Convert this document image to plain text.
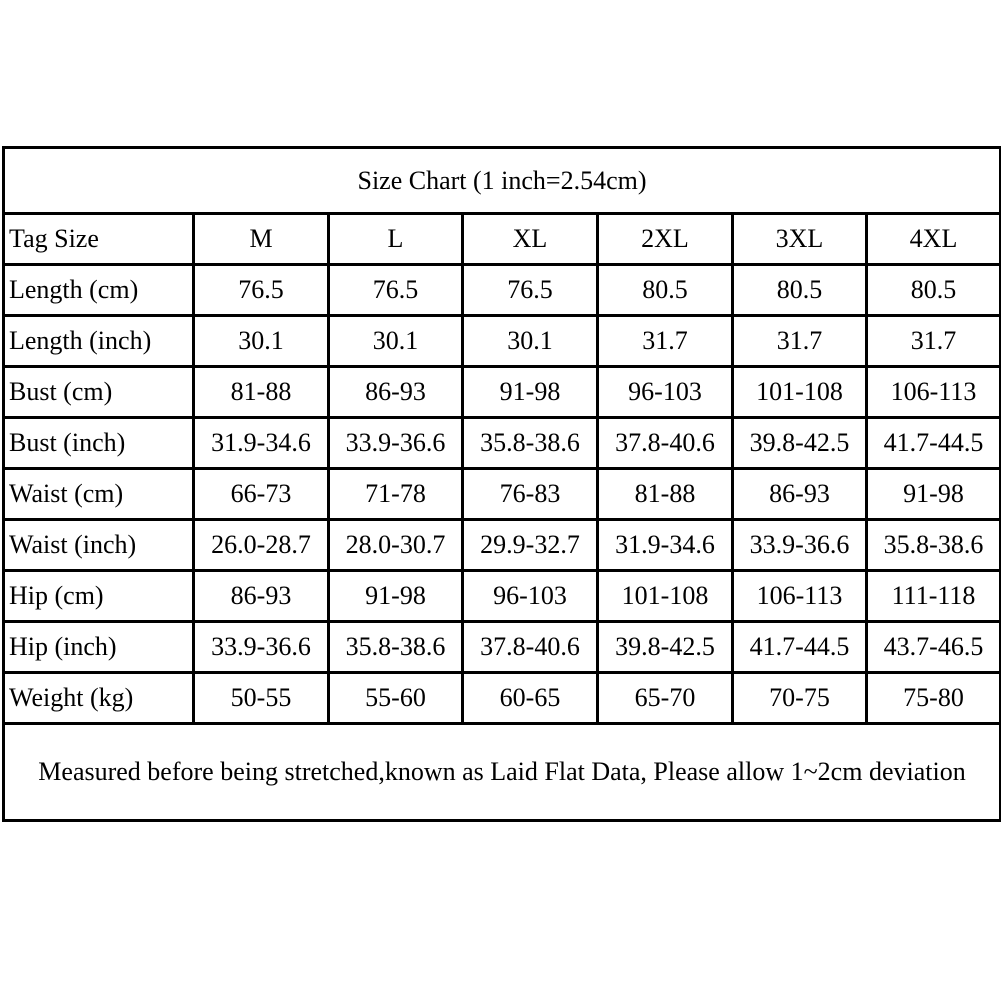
Size Chart (1 inch=2.54cm)						
Tag Size	M	L	XL	2XL	3XL	4XL
Length (cm)	76.5	76.5	76.5	80.5	80.5	80.5
Length (inch)	30.1	30.1	30.1	31.7	31.7	31.7
Bust (cm)	81-88	86-93	91-98	96-103	101-108	106-113
Bust (inch)	31.9-34.6	33.9-36.6	35.8-38.6	37.8-40.6	39.8-42.5	41.7-44.5
Waist (cm)	66-73	71-78	76-83	81-88	86-93	91-98
Waist (inch)	26.0-28.7	28.0-30.7	29.9-32.7	31.9-34.6	33.9-36.6	35.8-38.6
Hip (cm)	86-93	91-98	96-103	101-108	106-113	111-118
Hip (inch)	33.9-36.6	35.8-38.6	37.8-40.6	39.8-42.5	41.7-44.5	43.7-46.5
Weight (kg)	50-55	55-60	60-65	65-70	70-75	75-80
Measured before being stretched,known as Laid Flat Data, Please allow 1~2cm deviation						
